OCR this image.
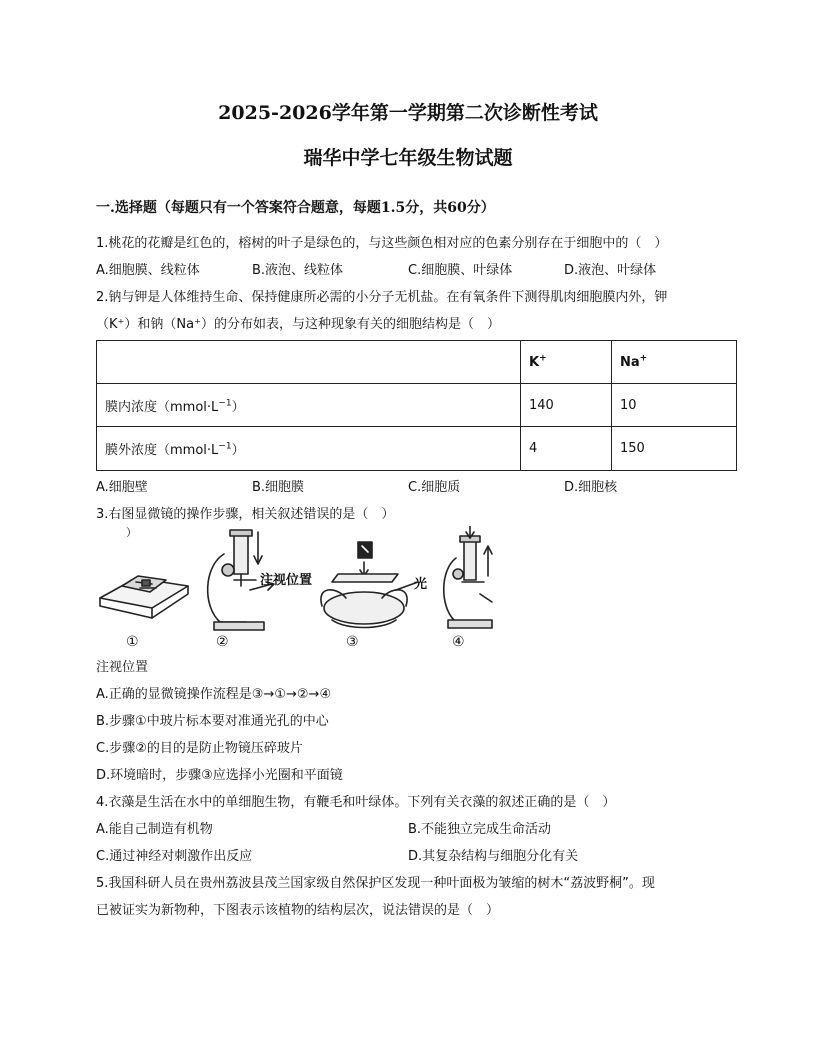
2025-2026学年第一学期第二次诊断性考试
瑞华中学七年级生物试题
一.选择题（每题只有一个答案符合题意，每题1.5分，共60分）
1.桃花的花瓣是红色的，榕树的叶子是绿色的，与这些颜色相对应的色素分别存在于细胞中的（　）
A.细胞膜、线粒体	B.液泡、线粒体	C.细胞膜、叶绿体	D.液泡、叶绿体
2.钠与钾是人体维持生命、保持健康所必需的小分子无机盐。在有氧条件下测得肌肉细胞膜内外，钾
（K⁺）和钠（Na⁺）的分布如表，与这种现象有关的细胞结构是（　）
	K+	Na+
膜内浓度$(mmol\cdot L^{-1})$	140	10
膜外浓度$(mmol\cdot L^{-1})$	4	150
A.细胞壁	B.细胞膜	C.细胞质	D.细胞核
3.右图显微镜的操作步骤，相关叙述错误的是（　）
）
注视位置	光
①	②	③	④
注视位置
A.正确的显微镜操作流程是③→①→②→④
B.步骤①中玻片标本要对准通光孔的中心
C.步骤②的目的是防止物镜压碎玻片
D.环境暗时，步骤③应选择小光圈和平面镜
4.衣藻是生活在水中的单细胞生物，有鞭毛和叶绿体。下列有关衣藻的叙述正确的是（　）
A.能自己制造有机物	B.不能独立完成生命活动
C.通过神经对刺激作出反应	D.其复杂结构与细胞分化有关
5.我国科研人员在贵州荔波县茂兰国家级自然保护区发现一种叶面极为皱缩的树木“荔波野桐”。现
已被证实为新物种，下图表示该植物的结构层次，说法错误的是（　）
